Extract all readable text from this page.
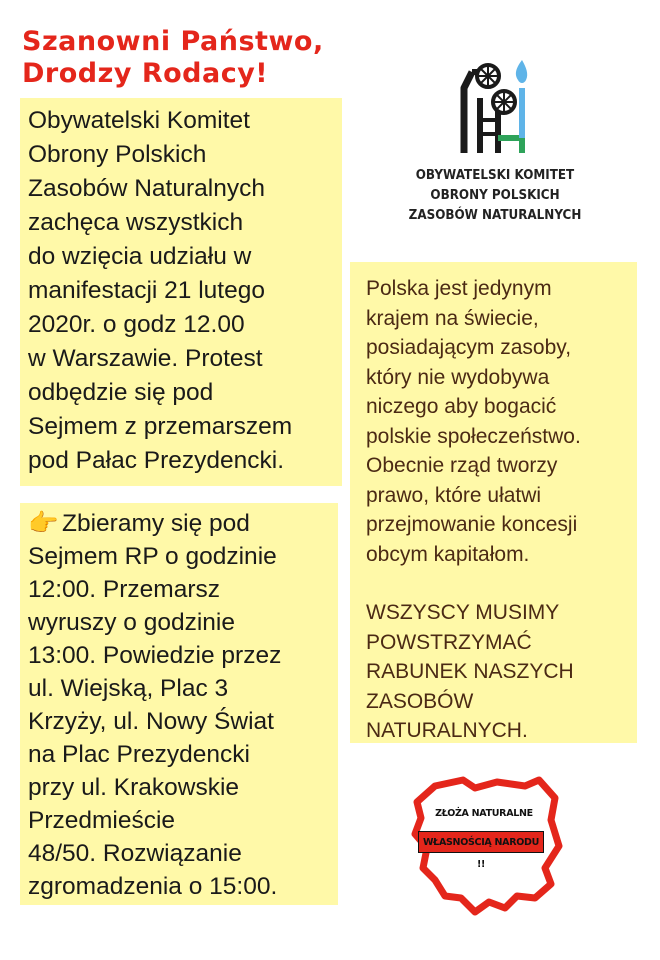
Szanowni Państwo,
Drodzy Rodacy!
OBYWATELSKI KOMITET
OBRONY POLSKICH
ZASOBÓW NATURALNYCH

Obywatelski Komitet
Obrony Polskich
Zasobów Naturalnych
zachęca wszystkich
do wzięcia udziału w
manifestacji 21 lutego
2020r. o godz 12.00
w Warszawie. Protest
odbędzie się pod
Sejmem z przemarszem
pod Pałac Prezydencki.

👉 Zbieramy się pod
Sejmem RP o godzinie
12:00. Przemarsz
wyruszy o godzinie
13:00. Powiedzie przez
ul. Wiejską, Plac 3
Krzyży, ul. Nowy Świat
na Plac Prezydencki
przy ul. Krakowskie
Przedmieście
48/50. Rozwiązanie
zgromadzenia o 15:00.

Polska jest jedynym
krajem na świecie,
posiadającym zasoby,
który nie wydobywa
niczego aby bogacić
polskie społeczeństwo.
Obecnie rząd tworzy
prawo, które ułatwi
przejmowanie koncesji
obcym kapitałom.

WSZYSCY MUSIMY
POWSTRZYMAĆ
RABUNEK NASZYCH
ZASOBÓW
NATURALNYCH.

ZŁOŻA NATURALNE
WŁASNOŚCIĄ NARODU !!
